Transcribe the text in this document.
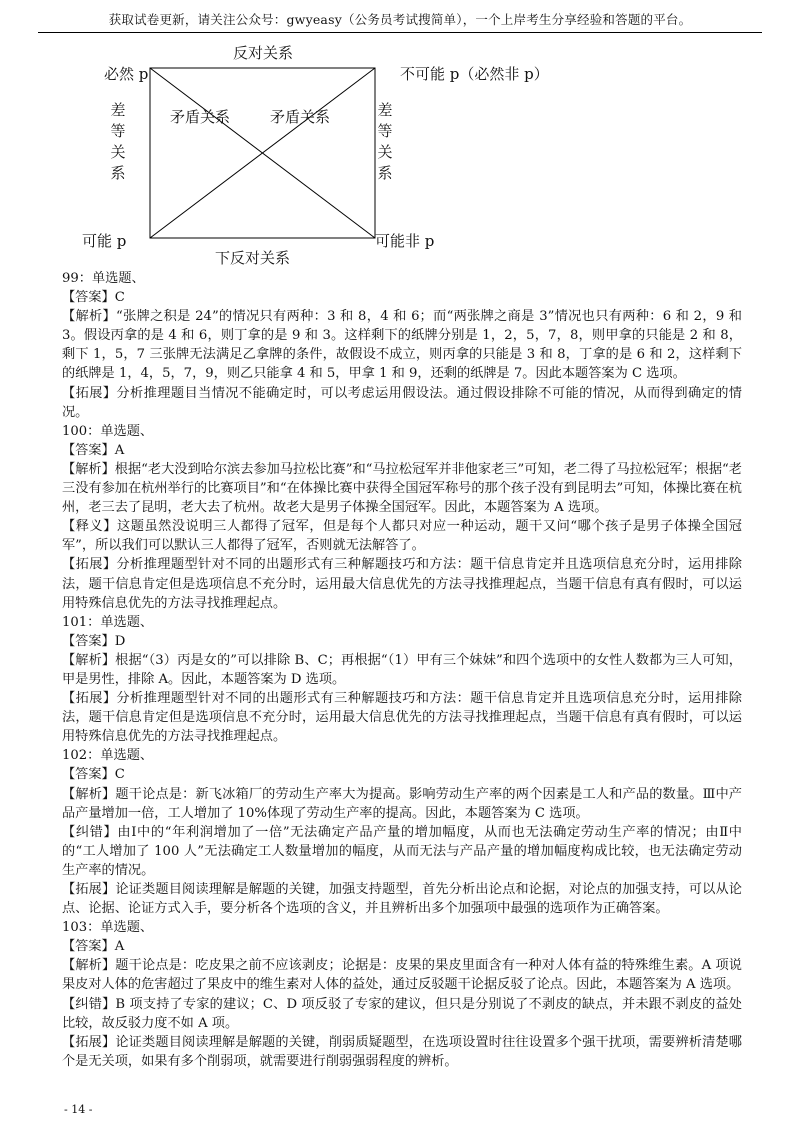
获取试卷更新，请关注公众号：gwyeasy（公务员考试搜简单），一个上岸考生分享经验和答题的平台。
反对关系
必然 p	不可能 p（必然非 p）
差等关系
差等关系
矛盾关系	矛盾关系
可能 p	可能非 p
下反对关系

99：单选题、

【答案】C

【解析】“张牌之积是 24”的情况只有两种：3 和 8，4 和 6；而“两张牌之商是 3”情况也只有两种：6 和 2，9 和 3。假设丙拿的是 4 和 6，则丁拿的是 9 和 3。这样剩下的纸牌分别是 1，2，5，7，8，则甲拿的只能是 2 和 8，剩下 1，5，7 三张牌无法满足乙拿牌的条件，故假设不成立，则丙拿的只能是 3 和 8，丁拿的是 6 和 2，这样剩下的纸牌是 1，4，5，7，9，则乙只能拿 4 和 5，甲拿 1 和 9，还剩的纸牌是 7。因此本题答案为 C 选项。

【拓展】分析推理题目当情况不能确定时，可以考虑运用假设法。通过假设排除不可能的情况，从而得到确定的情况。

100：单选题、

【答案】A

【解析】根据“老大没到哈尔滨去参加马拉松比赛”和“马拉松冠军并非他家老三”可知，老二得了马拉松冠军；根据“老三没有参加在杭州举行的比赛项目”和“在体操比赛中获得全国冠军称号的那个孩子没有到昆明去”可知，体操比赛在杭州，老三去了昆明，老大去了杭州。故老大是男子体操全国冠军。因此，本题答案为 A 选项。

【释义】这题虽然没说明三人都得了冠军，但是每个人都只对应一种运动，题干又问“哪个孩子是男子体操全国冠军”，所以我们可以默认三人都得了冠军，否则就无法解答了。

【拓展】分析推理题型针对不同的出题形式有三种解题技巧和方法：题干信息肯定并且选项信息充分时，运用排除法，题干信息肯定但是选项信息不充分时，运用最大信息优先的方法寻找推理起点，当题干信息有真有假时，可以运用特殊信息优先的方法寻找推理起点。

101：单选题、

【答案】D

【解析】根据“（3）丙是女的”可以排除 B、C；再根据“（1）甲有三个妹妹”和四个选项中的女性人数都为三人可知，甲是男性，排除 A。因此，本题答案为 D 选项。

【拓展】分析推理题型针对不同的出题形式有三种解题技巧和方法：题干信息肯定并且选项信息充分时，运用排除法，题干信息肯定但是选项信息不充分时，运用最大信息优先的方法寻找推理起点，当题干信息有真有假时，可以运用特殊信息优先的方法寻找推理起点。

102：单选题、

【答案】C

【解析】题干论点是：新飞冰箱厂的劳动生产率大为提高。影响劳动生产率的两个因素是工人和产品的数量。Ⅲ中产品产量增加一倍，工人增加了 10%体现了劳动生产率的提高。因此，本题答案为 C 选项。

【纠错】由Ⅰ中的“年利润增加了一倍”无法确定产品产量的增加幅度，从而也无法确定劳动生产率的情况；由Ⅱ中的“工人增加了 100 人”无法确定工人数量增加的幅度，从而无法与产品产量的增加幅度构成比较，也无法确定劳动生产率的情况。

【拓展】论证类题目阅读理解是解题的关键，加强支持题型，首先分析出论点和论据，对论点的加强支持，可以从论点、论据、论证方式入手，要分析各个选项的含义，并且辨析出多个加强项中最强的选项作为正确答案。

103：单选题、

【答案】A

【解析】题干论点是：吃皮果之前不应该剥皮；论据是：皮果的果皮里面含有一种对人体有益的特殊维生素。A 项说果皮对人体的危害超过了果皮中的维生素对人体的益处，通过反驳题干论据反驳了论点。因此，本题答案为 A 选项。

【纠错】B 项支持了专家的建议；C、D 项反驳了专家的建议，但只是分别说了不剥皮的缺点，并未跟不剥皮的益处比较，故反驳力度不如 A 项。

【拓展】论证类题目阅读理解是解题的关键，削弱质疑题型，在选项设置时往往设置多个强干扰项，需要辨析清楚哪个是无关项，如果有多个削弱项，就需要进行削弱强弱程度的辨析。

- 14 -
